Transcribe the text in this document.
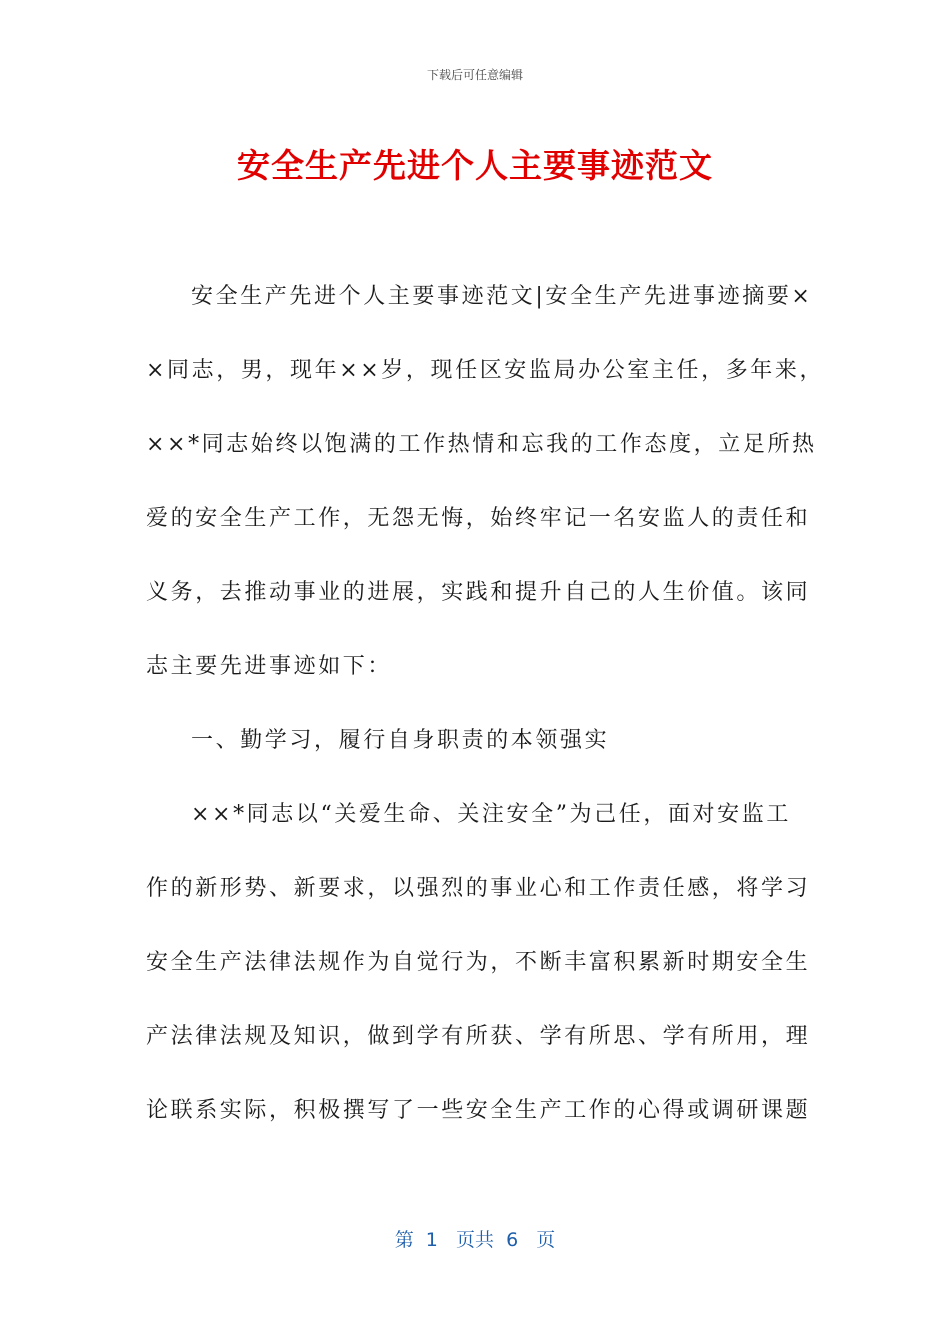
下载后可任意编辑
安全生产先进个人主要事迹范文
安全生产先进个人主要事迹范文|安全生产先进事迹摘要×
×同志，男，现年××岁，现任区安监局办公室主任，多年来，
××*同志始终以饱满的工作热情和忘我的工作态度，立足所热
爱的安全生产工作，无怨无悔，始终牢记一名安监人的责任和
义务，去推动事业的进展，实践和提升自己的人生价值。该同
志主要先进事迹如下：
一、勤学习，履行自身职责的本领强实
××*同志以“关爱生命、关注安全”为己任，面对安监工
作的新形势、新要求，以强烈的事业心和工作责任感，将学习
安全生产法律法规作为自觉行为，不断丰富积累新时期安全生
产法律法规及知识，做到学有所获、学有所思、学有所用，理
论联系实际，积极撰写了一些安全生产工作的心得或调研课题
第  1   页共  6   页
